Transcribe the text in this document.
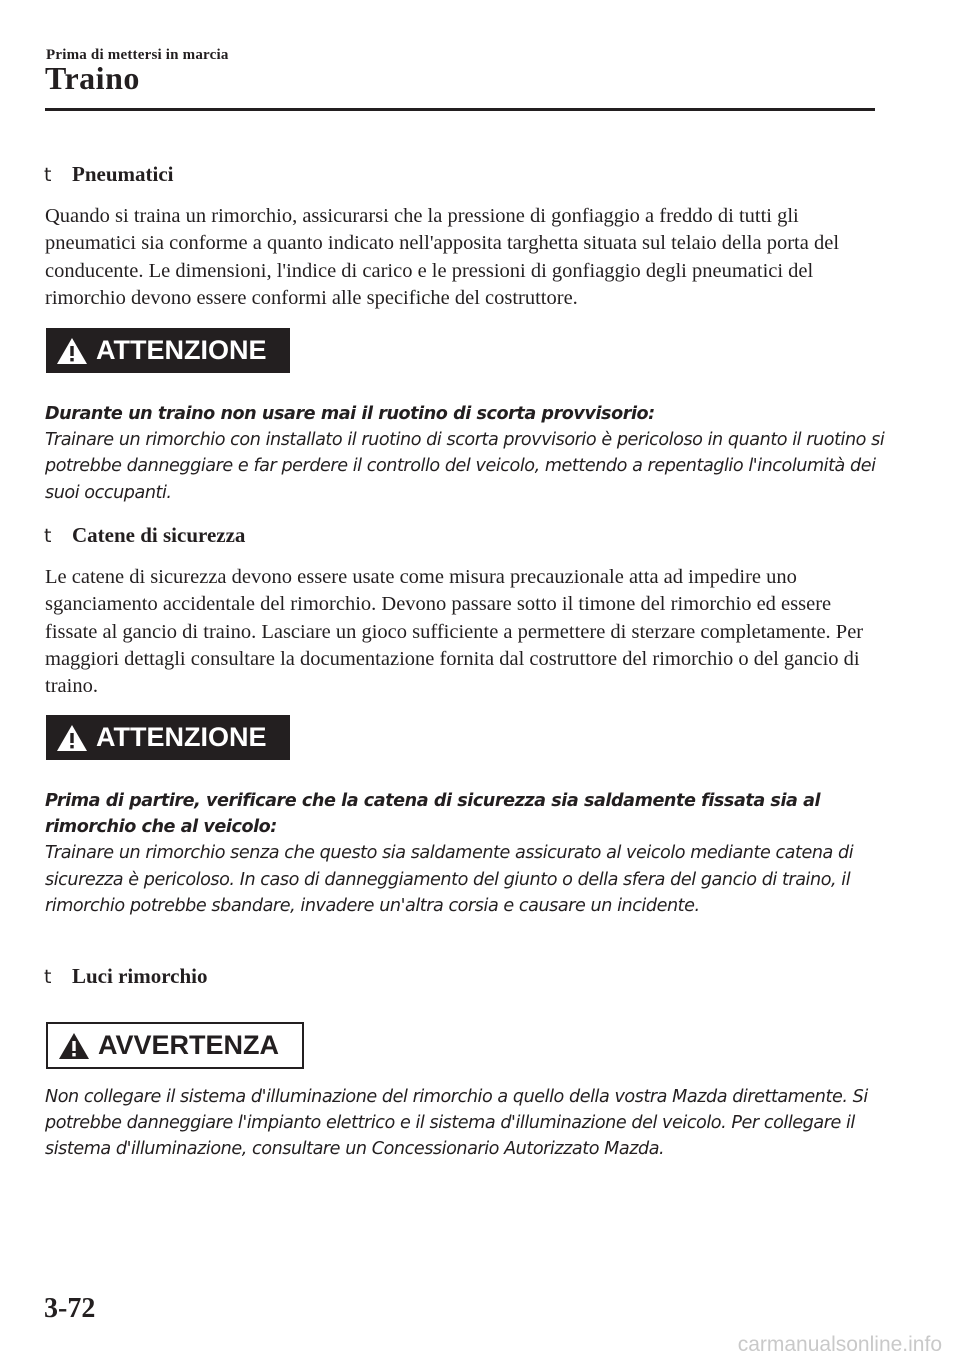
Prima di mettersi in marcia
Traino
t Pneumatici
Quando si traina un rimorchio, assicurarsi che la pressione di gonfiaggio a freddo di tutti gli pneumatici sia conforme a quanto indicato nell'apposita targhetta situata sul telaio della porta del conducente. Le dimensioni, l'indice di carico e le pressioni di gonfiaggio degli pneumatici del rimorchio devono essere conformi alle specifiche del costruttore.
ATTENZIONE
Durante un traino non usare mai il ruotino di scorta provvisorio:
Trainare un rimorchio con installato il ruotino di scorta provvisorio è pericoloso in quanto il ruotino si potrebbe danneggiare e far perdere il controllo del veicolo, mettendo a repentaglio l'incolumità dei suoi occupanti.
t Catene di sicurezza
Le catene di sicurezza devono essere usate come misura precauzionale atta ad impedire uno sganciamento accidentale del rimorchio. Devono passare sotto il timone del rimorchio ed essere fissate al gancio di traino. Lasciare un gioco sufficiente a permettere di sterzare completamente. Per maggiori dettagli consultare la documentazione fornita dal costruttore del rimorchio o del gancio di traino.
ATTENZIONE
Prima di partire, verificare che la catena di sicurezza sia saldamente fissata sia al rimorchio che al veicolo:
Trainare un rimorchio senza che questo sia saldamente assicurato al veicolo mediante catena di sicurezza è pericoloso. In caso di danneggiamento del giunto o della sfera del gancio di traino, il rimorchio potrebbe sbandare, invadere un'altra corsia e causare un incidente.
t Luci rimorchio
AVVERTENZA
Non collegare il sistema d'illuminazione del rimorchio a quello della vostra Mazda direttamente. Si potrebbe danneggiare l'impianto elettrico e il sistema d'illuminazione del veicolo. Per collegare il sistema d'illuminazione, consultare un Concessionario Autorizzato Mazda.
3-72
carmanualsonline.info
